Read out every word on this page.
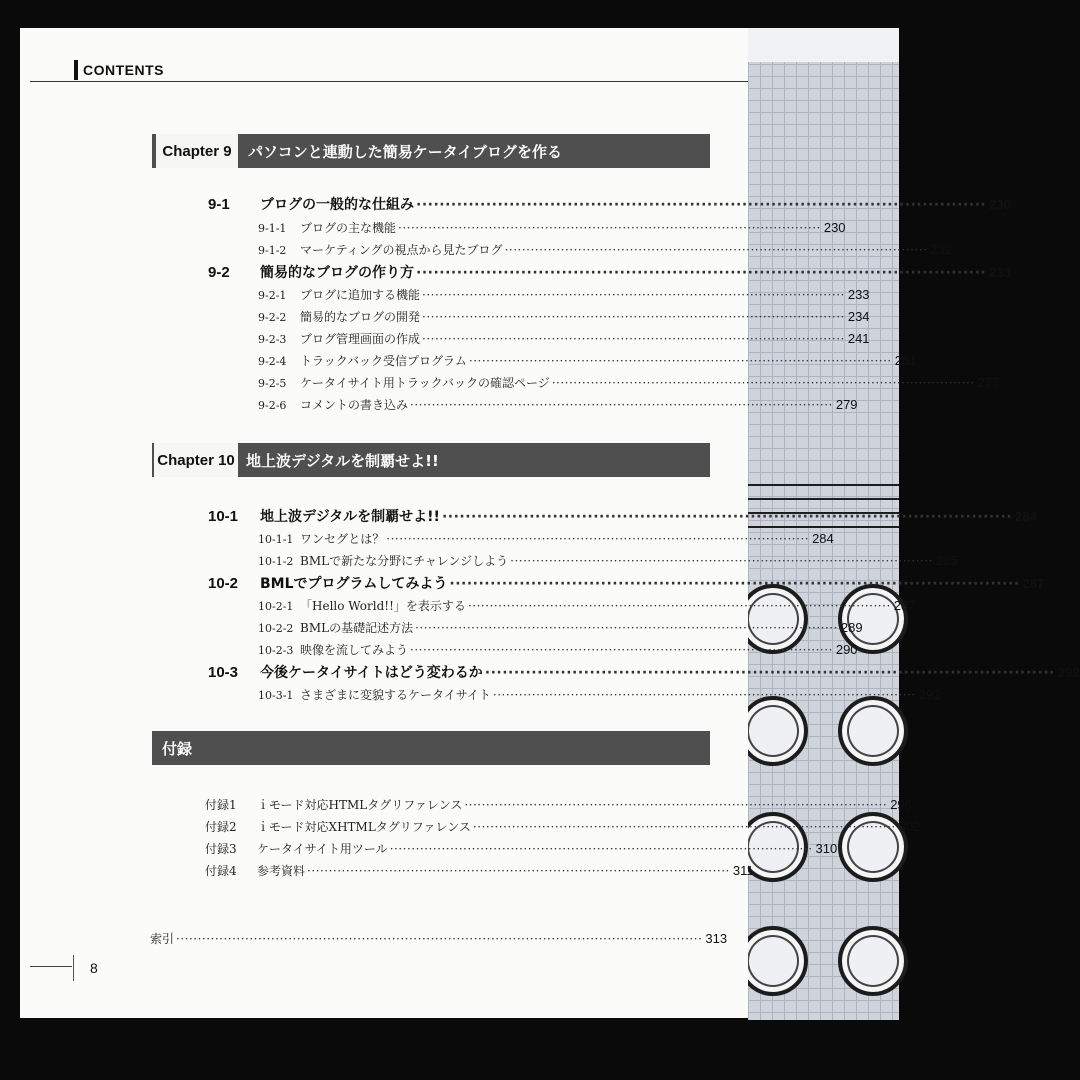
CONTENTS
Chapter 9	パソコンと連動した簡易ケータイブログを作る
9-1	ブログの一般的な仕組み ·································································································· 230
9-1-1	ブログの主な機能 ·································································································· 230
9-1-2	マーケティングの視点から見たブログ ·································································································· 232
9-2	簡易的なブログの作り方 ·································································································· 233
9-2-1	ブログに追加する機能 ·································································································· 233
9-2-2	簡易的なブログの開発 ·································································································· 234
9-2-3	ブログ管理画面の作成 ·································································································· 241
9-2-4	トラックバック受信プログラム ·································································································· 261
9-2-5	ケータイサイト用トラックバックの確認ページ ·································································································· 277
9-2-6	コメントの書き込み ·································································································· 279
Chapter 10 地上波デジタルを制覇せよ!!
10-1	地上波デジタルを制覇せよ!! ·································································································· 284
10-1-1 ワンセグとは？ ·································································································· 284
10-1-2 BMLで新たな分野にチャレンジしよう ·································································································· 285
10-2	BMLでプログラムしてみよう ·································································································· 287
10-2-1 「Hello World!!」を表示する ·································································································· 287
10-2-2 BMLの基礎記述方法 ·································································································· 289
10-2-3 映像を流してみよう ·································································································· 290
10-3	今後ケータイサイトはどう変わるか ·································································································· 292
10-3-1 さまざまに変貌するケータイサイト ·································································································· 292
付録
付録1	ｉモード対応HTMLタグリファレンス ·································································································· 296
付録2	ｉモード対応XHTMLタグリファレンス ·································································································· 302
付録3	ケータイサイト用ツール ·································································································· 310
付録4	参考資料 ·································································································· 311
索引 ·························································································································· 313
8
